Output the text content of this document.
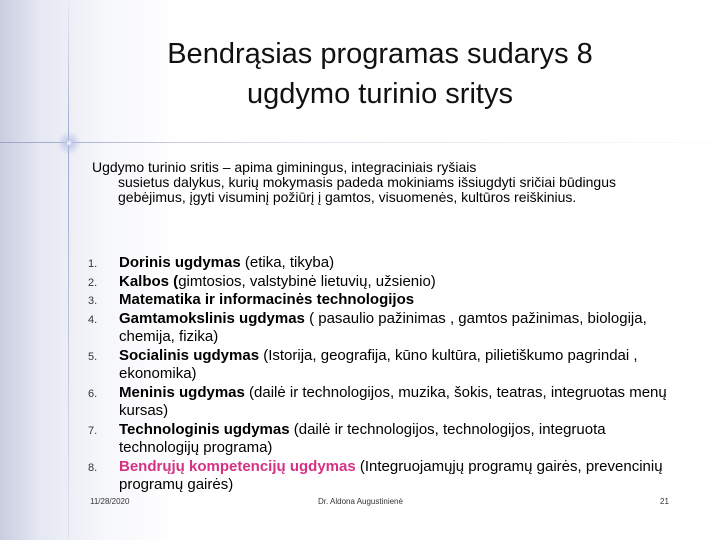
Bendrąsias programas sudarys 8
ugdymo turinio sritys
Ugdymo turinio sritis – apima giminingus, integraciniais ryšiais
susietus dalykus, kurių mokymasis padeda mokiniams išsiugdyti sričiai būdingus gebėjimus, įgyti visuminį požiūrį į gamtos, visuomenės, kultūros reiškinius.
1. Dorinis ugdymas (etika, tikyba)
2. Kalbos (gimtosios, valstybinė lietuvių, užsienio)
3. Matematika ir informacinės technologijos
4. Gamtamokslinis ugdymas ( pasaulio pažinimas , gamtos pažinimas, biologija, chemija, fizika)
5. Socialinis ugdymas (Istorija, geografija, kūno kultūra, pilietiškumo pagrindai , ekonomika)
6. Meninis ugdymas (dailė ir technologijos, muzika, šokis, teatras, integruotas menų kursas)
7. Technologinis ugdymas (dailė ir technologijos, technologijos, integruota technologijų programa)
8. Bendrųjų kompetencijų ugdymas (Integruojamųjų programų gairės, prevencinių programų gairės)
11/28/2020	Dr. Aldona Augustinienė	21
